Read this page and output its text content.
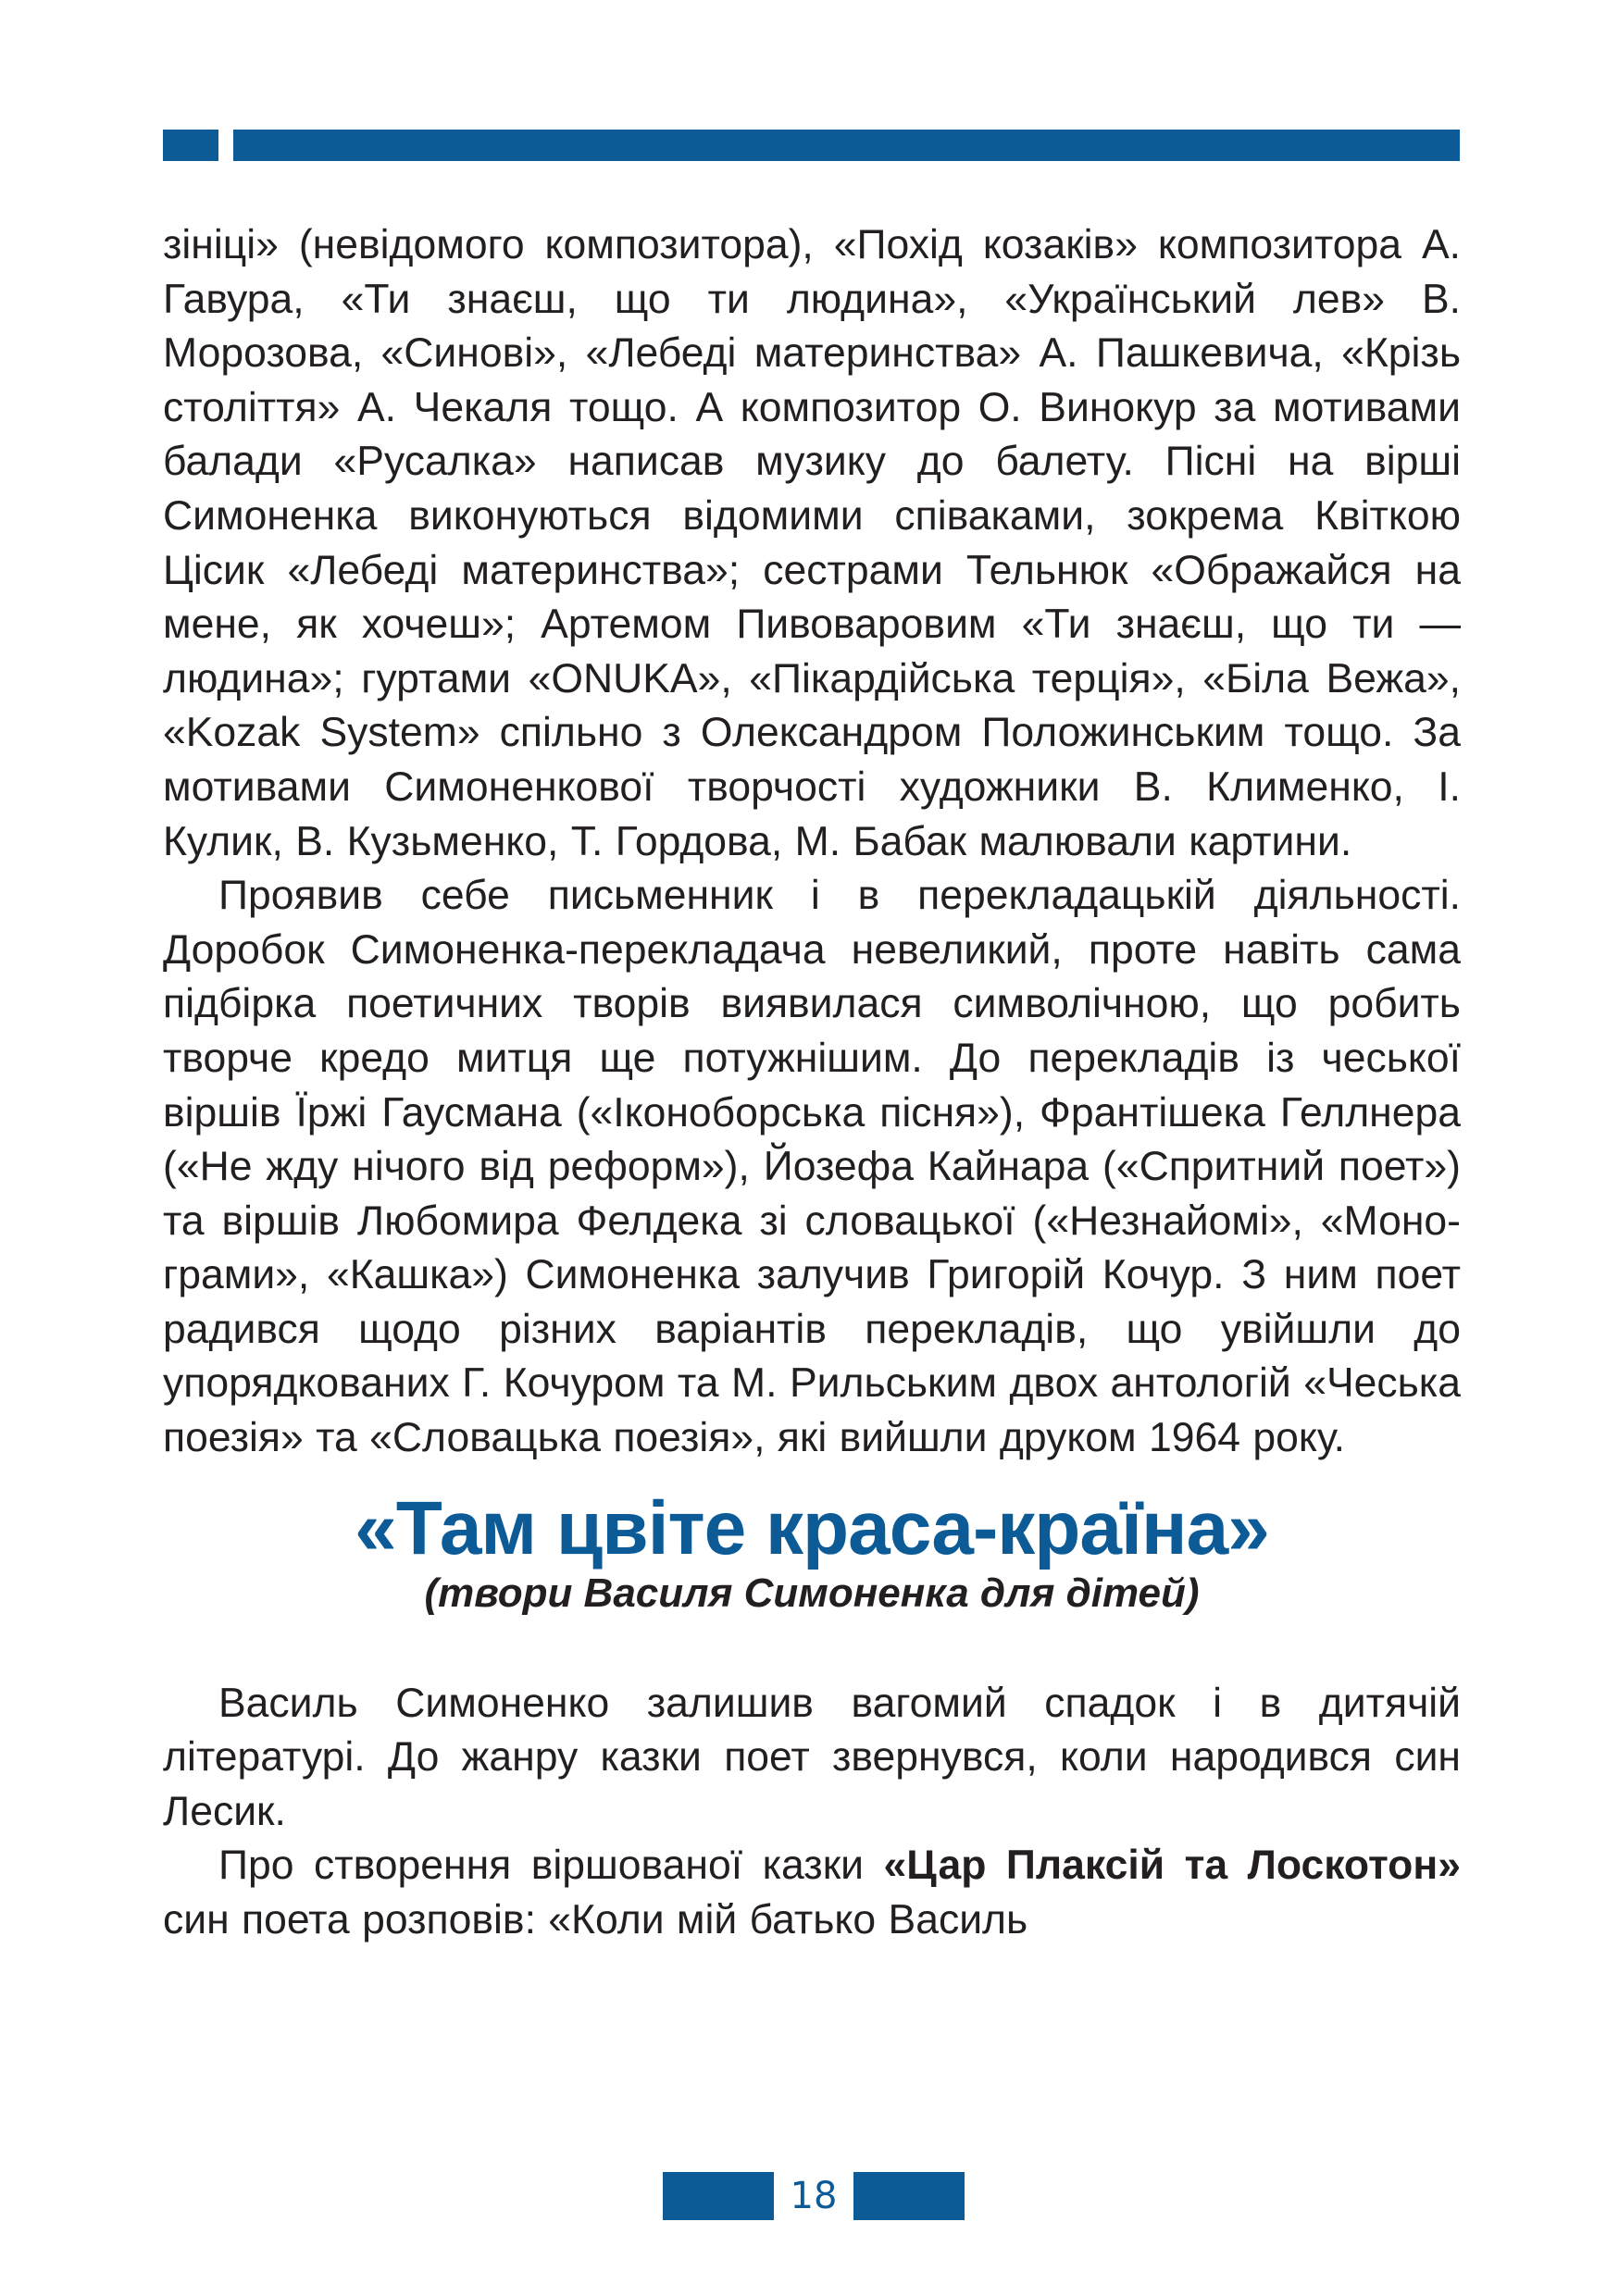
зініці» (невідомого композитора), «Похід козаків» композитора А. Гавура, «Ти знаєш, що ти людина», «Український лев» В. Морозова, «Синові», «Лебеді материнства» А. Пашкевича, «Крізь століття» А. Чекаля тощо. А композитор О. Винокур за мотивами балади «Русалка» написав музику до балету. Пісні на вірші Симоненка виконуються відомими співаками, зокрема Квіткою Цісик «Лебеді материнства»; сестрами Тельнюк «Ображайся на мене, як хочеш»; Артемом Пивоваровим «Ти знаєш, що ти — людина»; гуртами «ONUKA», «Пікардійська терція», «Біла Вежа», «Kozak System» спільно з Олександром Положинським тощо. За мотивами Симоненкової творчості художники В. Клименко, І. Кулик, В. Кузьменко, Т. Гордова, М. Бабак малювали картини.

Проявив себе письменник і в перекладацькій діяльності. Доробок Симоненка-перекладача невеликий, проте навіть сама підбірка поетичних творів виявилася символічною, що робить творче кредо митця ще потужнішим. До перекладів із чеської віршів Їржі Гаусмана («Іконоборська пісня»), Франтішека Геллнера («Не жду нічого від реформ»), Йозефа Кайнара («Спритний поет») та віршів Любомира Фелдека зі словацької («Незнайомі», «Монограми», «Кашка») Симоненка залучив Григорій Кочур. З ним поет радився щодо різних варіантів перекладів, що увійшли до упорядкованих Г. Кочуром та М. Рильським двох антологій «Чеська поезія» та «Словацька поезія», які вийшли друком 1964 року.

«Там цвіте краса-країна»
(твори Василя Симоненка для дітей)

Василь Симоненко залишив вагомий спадок і в дитячій літературі. До жанру казки поет звернувся, коли народився син Лесик.

Про створення віршованої казки «Цар Плаксій та Лоскотон» син поета розповів: «Коли мій батько Василь

18
